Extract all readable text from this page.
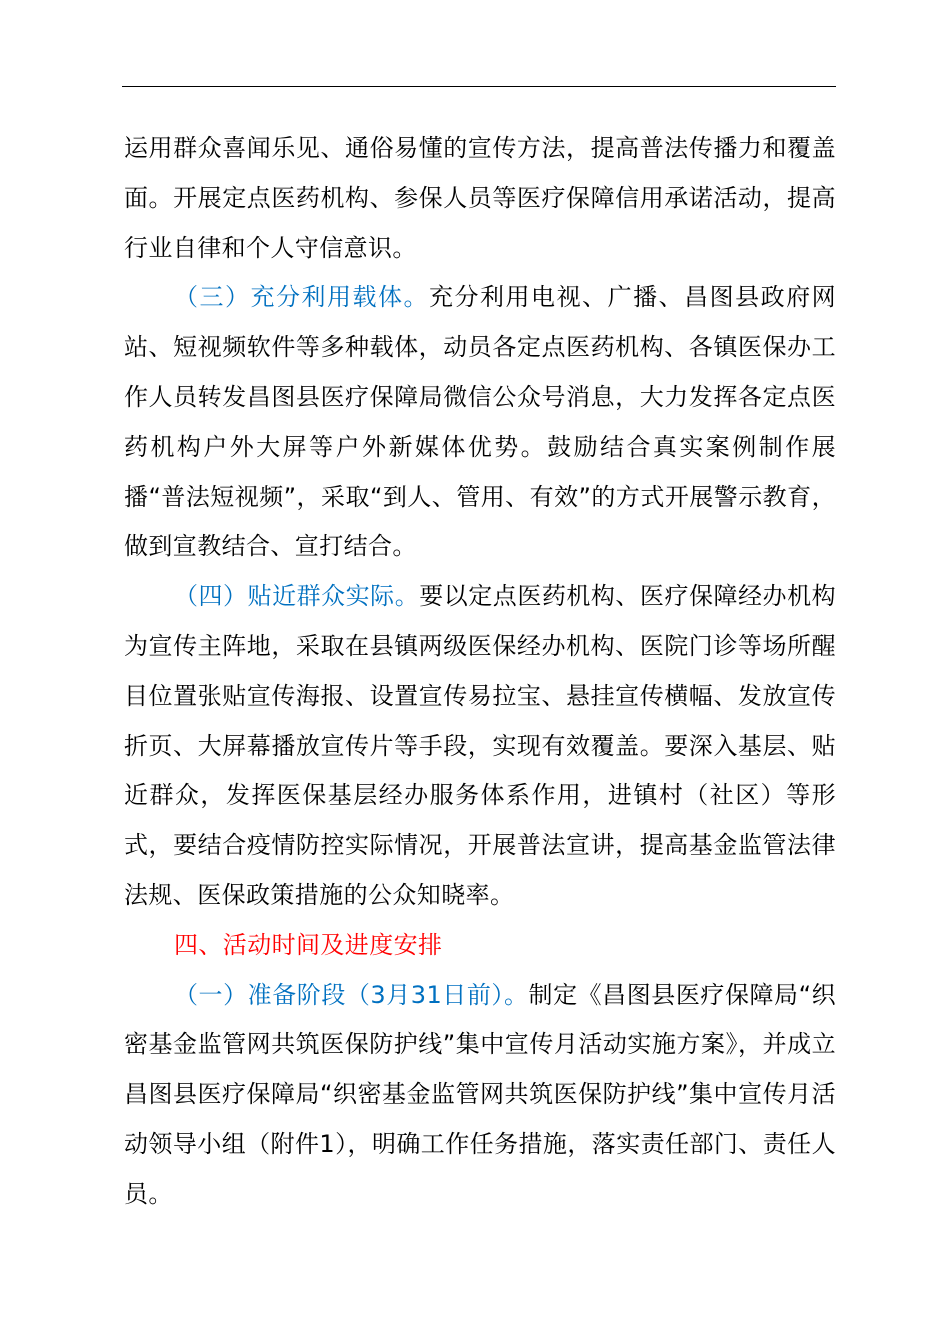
运用群众喜闻乐见、通俗易懂的宣传方法，提高普法传播力和覆盖面。开展定点医药机构、参保人员等医疗保障信用承诺活动，提高行业自律和个人守信意识。

（三）充分利用载体。充分利用电视、广播、昌图县政府网站、短视频软件等多种载体，动员各定点医药机构、各镇医保办工作人员转发昌图县医疗保障局微信公众号消息，大力发挥各定点医药机构户外大屏等户外新媒体优势。鼓励结合真实案例制作展播“普法短视频”，采取“到人、管用、有效”的方式开展警示教育，做到宣教结合、宣打结合。

（四）贴近群众实际。要以定点医药机构、医疗保障经办机构为宣传主阵地，采取在县镇两级医保经办机构、医院门诊等场所醒目位置张贴宣传海报、设置宣传易拉宝、悬挂宣传横幅、发放宣传折页、大屏幕播放宣传片等手段，实现有效覆盖。要深入基层、贴近群众，发挥医保基层经办服务体系作用，进镇村（社区）等形式，要结合疫情防控实际情况，开展普法宣讲，提高基金监管法律法规、医保政策措施的公众知晓率。

四、活动时间及进度安排

（一）准备阶段（3月31日前）。制定《昌图县医疗保障局“织密基金监管网共筑医保防护线”集中宣传月活动实施方案》，并成立昌图县医疗保障局“织密基金监管网共筑医保防护线”集中宣传月活动领导小组（附件1），明确工作任务措施，落实责任部门、责任人员。
